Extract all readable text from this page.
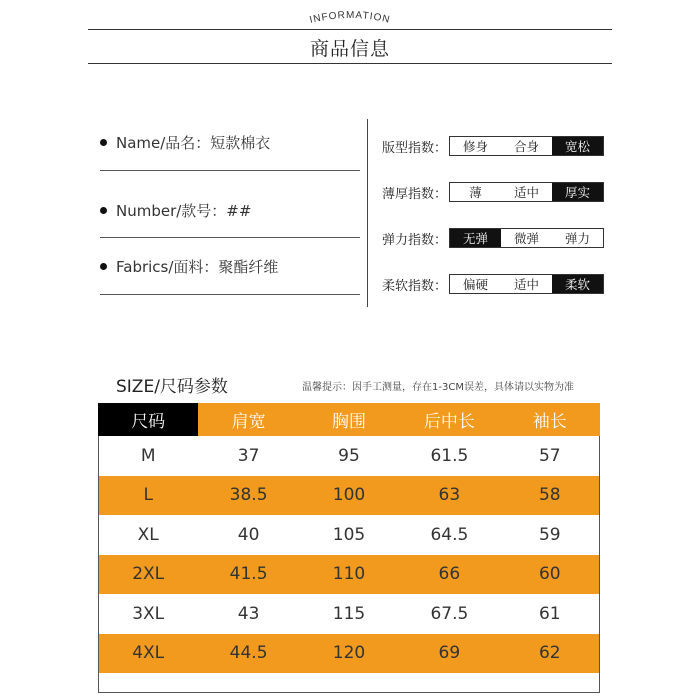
INFORMATION
商品信息
Name/品名：短款棉衣
Number/款号：##
Fabrics/面料：聚酯纤维
版型指数：	修身	合身	宽松
薄厚指数：	薄	适中	厚实
弹力指数：	无弹	微弹	弹力
柔软指数：	偏硬	适中	柔软
SIZE/尺码参数	温馨提示：因手工测量，存在1-3CM误差，具体请以实物为准
尺码	肩宽	胸围	后中长	袖长
M	37	95	61.5	57
L	38.5	100	63	58
XL	40	105	64.5	59
2XL	41.5	110	66	60
3XL	43	115	67.5	61
4XL	44.5	120	69	62
